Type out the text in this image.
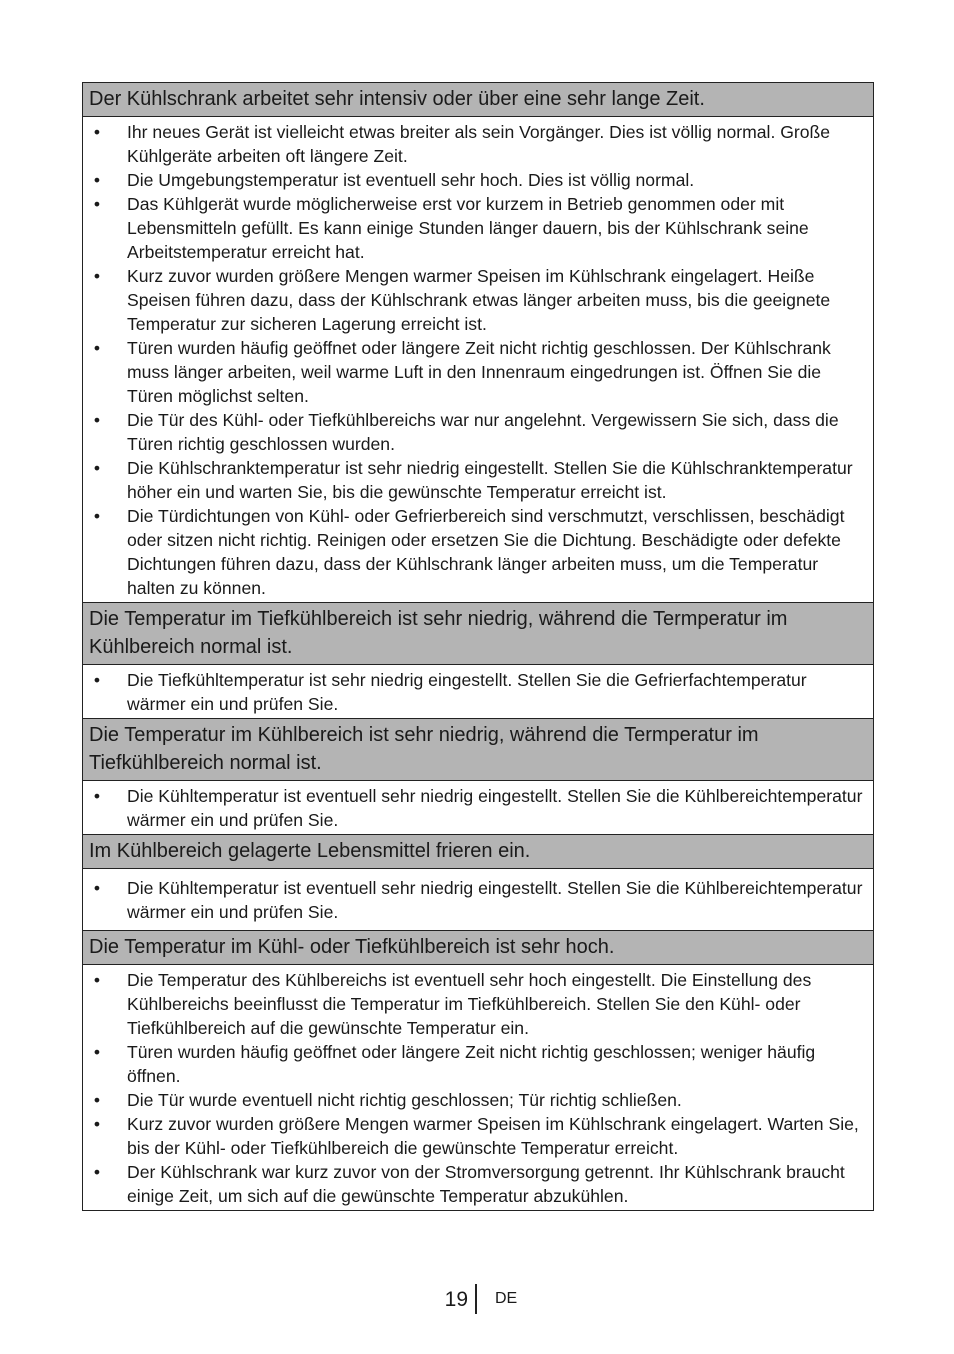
Der Kühlschrank arbeitet sehr intensiv oder über eine sehr lange Zeit.
• Ihr neues Gerät ist vielleicht etwas breiter als sein Vorgänger. Dies ist völlig normal. Große Kühlgeräte arbeiten oft längere Zeit.
• Die Umgebungstemperatur ist eventuell sehr hoch. Dies ist völlig normal.
• Das Kühlgerät wurde möglicherweise erst vor kurzem in Betrieb genommen oder mit Lebensmitteln gefüllt. Es kann einige Stunden länger dauern, bis der Kühlschrank seine Arbeitstemperatur erreicht hat.
• Kurz zuvor wurden größere Mengen warmer Speisen im Kühlschrank eingelagert. Heiße Speisen führen dazu, dass der Kühlschrank etwas länger arbeiten muss, bis die geeignete Temperatur zur sicheren Lagerung erreicht ist.
• Türen wurden häufig geöffnet oder längere Zeit nicht richtig geschlossen. Der Kühlschrank muss länger arbeiten, weil warme Luft in den Innenraum eingedrungen ist. Öffnen Sie die Türen möglichst selten.
• Die Tür des Kühl- oder Tiefkühlbereichs war nur angelehnt. Vergewissern Sie sich, dass die Türen richtig geschlossen wurden.
• Die Kühlschranktemperatur ist sehr niedrig eingestellt. Stellen Sie die Kühlschranktemperatur höher ein und warten Sie, bis die gewünschte Temperatur erreicht ist.
• Die Türdichtungen von Kühl- oder Gefrierbereich sind verschmutzt, verschlissen, beschädigt oder sitzen nicht richtig. Reinigen oder ersetzen Sie die Dichtung. Beschädigte oder defekte Dichtungen führen dazu, dass der Kühlschrank länger arbeiten muss, um die Temperatur halten zu können.
Die Temperatur im Tiefkühlbereich ist sehr niedrig, während die Termperatur im Kühlbereich normal ist.
• Die Tiefkühltemperatur ist sehr niedrig eingestellt. Stellen Sie die Gefrierfachtemperatur wärmer ein und prüfen Sie.
Die Temperatur im Kühlbereich ist sehr niedrig, während die Termperatur im Tiefkühlbereich normal ist.
• Die Kühltemperatur ist eventuell sehr niedrig eingestellt. Stellen Sie die Kühlbereichtemperatur wärmer ein und prüfen Sie.
Im Kühlbereich gelagerte Lebensmittel frieren ein.
• Die Kühltemperatur ist eventuell sehr niedrig eingestellt. Stellen Sie die Kühlbereichtemperatur wärmer ein und prüfen Sie.
Die Temperatur im Kühl- oder Tiefkühlbereich ist sehr hoch.
• Die Temperatur des Kühlbereichs ist eventuell sehr hoch eingestellt. Die Einstellung des Kühlbereichs beeinflusst die Temperatur im Tiefkühlbereich. Stellen Sie den Kühl- oder Tiefkühlbereich auf die gewünschte Temperatur ein.
• Türen wurden häufig geöffnet oder längere Zeit nicht richtig geschlossen; weniger häufig öffnen.
• Die Tür wurde eventuell nicht richtig geschlossen; Tür richtig schließen.
• Kurz zuvor wurden größere Mengen warmer Speisen im Kühlschrank eingelagert. Warten Sie, bis der Kühl- oder Tiefkühlbereich die gewünschte Temperatur erreicht.
• Der Kühlschrank war kurz zuvor von der Stromversorgung getrennt. Ihr Kühlschrank braucht einige Zeit, um sich auf die gewünschte Temperatur abzukühlen.
19 DE
